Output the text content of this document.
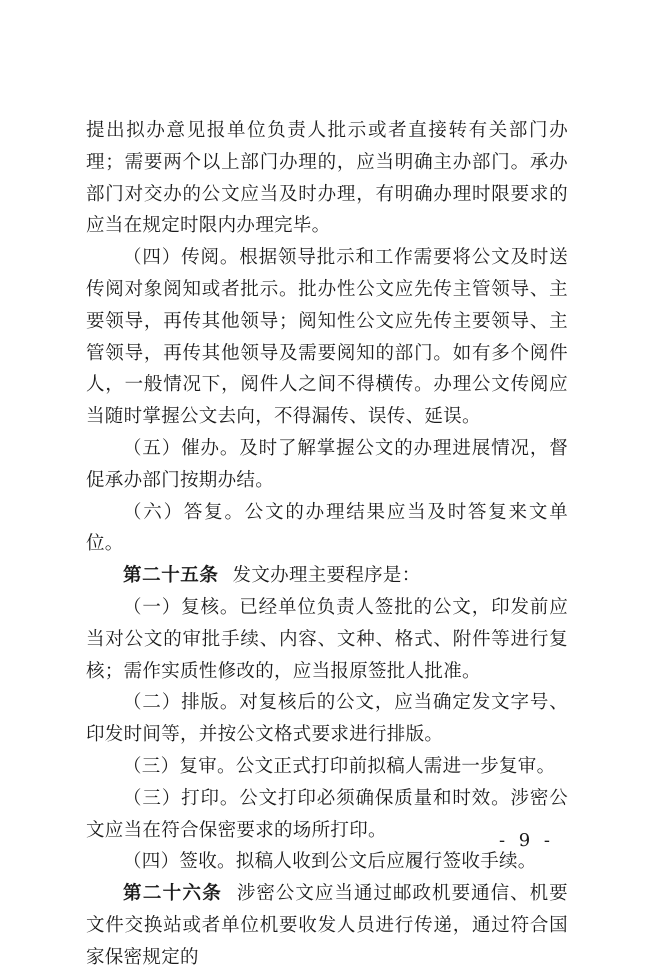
提出拟办意见报单位负责人批示或者直接转有关部门办理；需要两个以上部门办理的，应当明确主办部门。承办部门对交办的公文应当及时办理，有明确办理时限要求的应当在规定时限内办理完毕。

（四）传阅。根据领导批示和工作需要将公文及时送传阅对象阅知或者批示。批办性公文应先传主管领导、主要领导，再传其他领导；阅知性公文应先传主要领导、主管领导，再传其他领导及需要阅知的部门。如有多个阅件人，一般情况下，阅件人之间不得横传。办理公文传阅应当随时掌握公文去向，不得漏传、误传、延误。

（五）催办。及时了解掌握公文的办理进展情况，督促承办部门按期办结。

（六）答复。公文的办理结果应当及时答复来文单位。

第二十五条 发文办理主要程序是：

（一）复核。已经单位负责人签批的公文，印发前应当对公文的审批手续、内容、文种、格式、附件等进行复核；需作实质性修改的，应当报原签批人批准。

（二）排版。对复核后的公文，应当确定发文字号、印发时间等，并按公文格式要求进行排版。

（三）复审。公文正式打印前拟稿人需进一步复审。

（三）打印。公文打印必须确保质量和时效。涉密公文应当在符合保密要求的场所打印。

（四）签收。拟稿人收到公文后应履行签收手续。

第二十六条 涉密公文应当通过邮政机要通信、机要文件交换站或者单位机要收发人员进行传递，通过符合国家保密规定的

- 9 -
